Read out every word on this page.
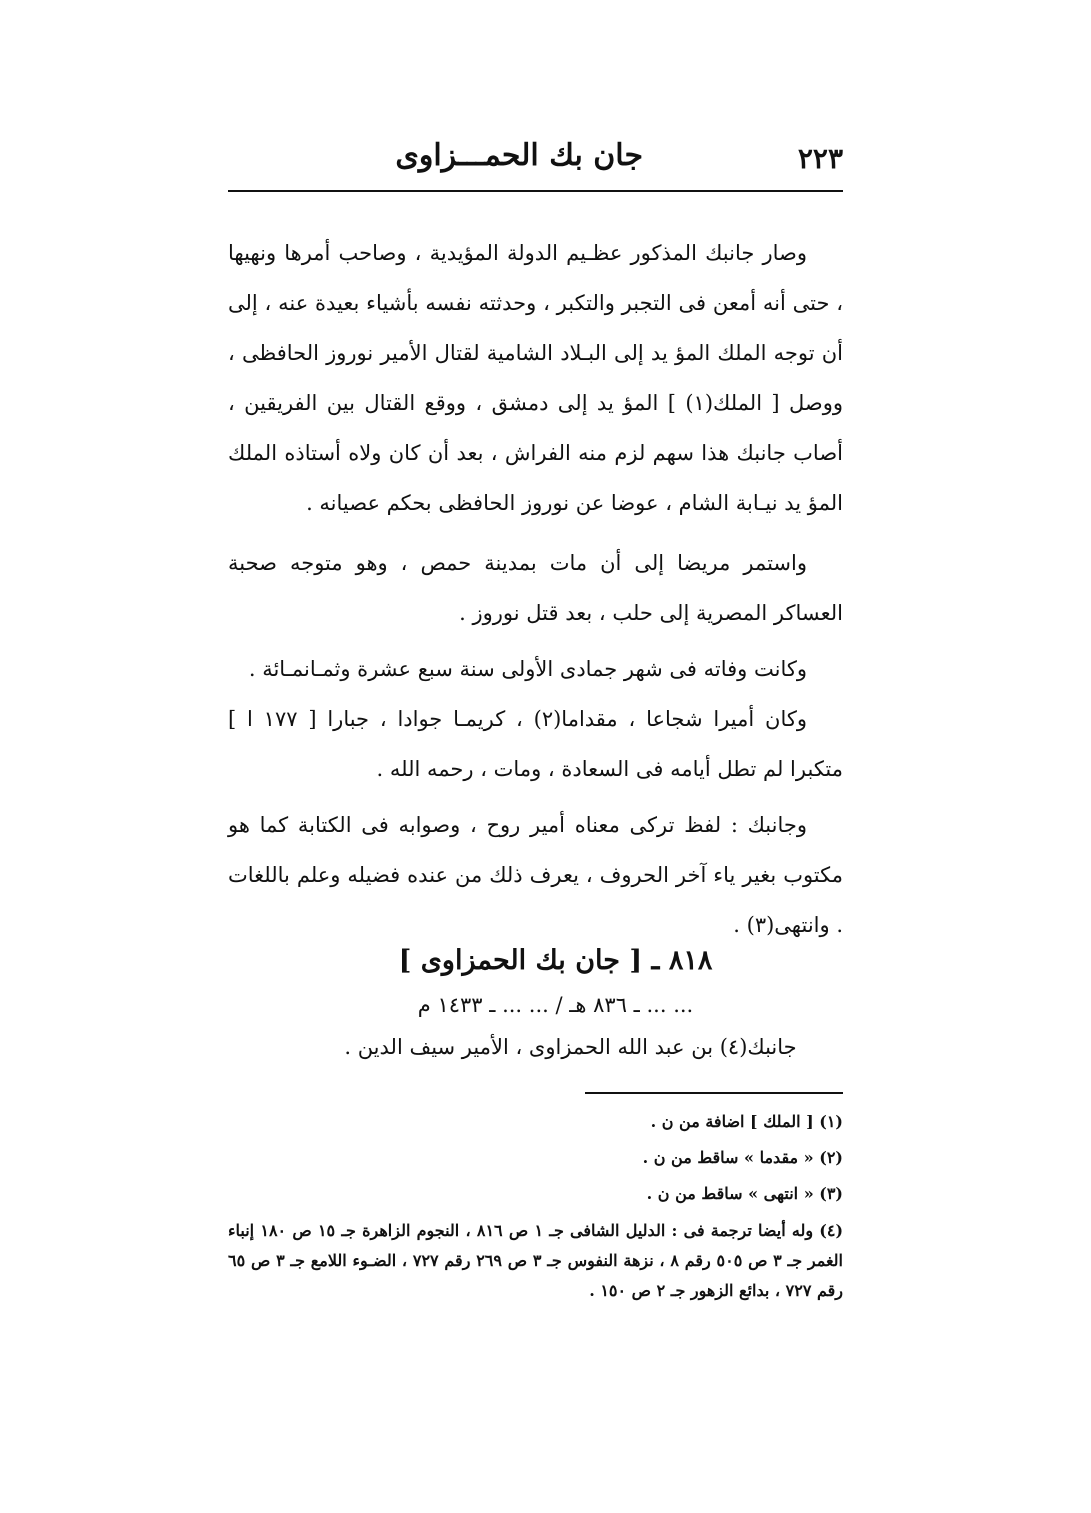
٢٢٣
جان بك الحمـــزاوى

وصار جانبك المذكور عظـيم الدولة المؤيدية ، وصاحب أمرها ونهيها ، حتى أنه أمعن فى التجبر والتكبر ، وحدثته نفسه بأشياء بعيدة عنه ، إلى أن توجه الملك المؤ يد إلى البـلاد الشامية لقتال الأمير نوروز الحافظى ، ووصل [ الملك(١) ] المؤ يد إلى دمشق ، ووقع القتال بين الفريقين ، أصاب جانبك هذا سهم لزم منه الفراش ، بعد أن كان ولاه أستاذه الملك المؤ يد نيـابة الشام ، عوضا عن نوروز الحافظى بحكم عصيانه .

واستمر مريضا إلى أن مات بمدينة حمص ، وهو متوجه صحبة العساكر المصرية إلى حلب ، بعد قتل نوروز .

وكانت وفاته فى شهر جمادى الأولى سنة سبع عشرة وثمـانمـائة .

وكان أميرا شجاعا ، مقداما(٢) ، كريمـا جوادا ، جبارا [ ١٧٧ ا ] متكبرا لم تطل أيامه فى السعادة ، ومات ، رحمه الله .

وجانبك : لفظ تركى معناه أمير روح ، وصوابه فى الكتابة كما هو مكتوب بغير ياء آخر الحروف ، يعرف ذلك من عنده فضيله وعلم باللغات . وانتهى(٣) .

٨١٨ ـ [ جان بك الحمزاوى ]
... ... ـ ٨٣٦ هـ / ... ... ـ ١٤٣٣ م
جانبك(٤) بن عبد الله الحمزاوى ، الأمير سيف الدين .

(١) [ الملك ] اضافة من ن .

(٢) « مقدما » ساقط من ن .

(٣) « انتهى » ساقط من ن .

(٤) وله أيضا ترجمة فى : الدليل الشافى جـ ١ ص ٨١٦ ، النجوم الزاهرة جـ ١٥ ص ١٨٠ إنباء الغمر جـ ٣ ص ٥٠٥ رقم ٨ ، نزهة النفوس جـ ٣ ص ٢٦٩ رقم ٧٢٧ ، الضـوء اللامع جـ ٣ ص ٦٥ رقم ٧٢٧ ، بدائع الزهور جـ ٢ ص ١٥٠ .
